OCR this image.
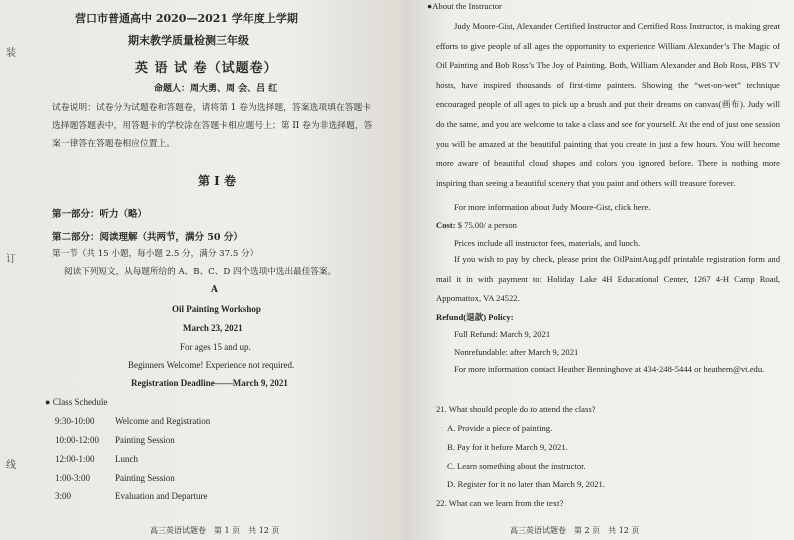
装
订
线
营口市普通高中 2020—2021 学年度上学期
期末教学质量检测三年级
英 语 试 卷（试题卷）
命题人：周大勇、周 会、吕 红
试卷说明：试卷分为试题卷和答题卷，请将第 1 卷为选择题，答案选项填在答题卡选择题答题表中，用答题卡的学校涂在答题卡相应题号上；第 II 卷为非选择题，答案一律答在答题卷相应位置上。
第 I 卷
第一部分：听力（略）
第二部分：阅读理解（共两节，满分 50 分）
第一节（共 15 小题，每小题 2.5 分，满分 37.5 分）
阅读下列短文，从每题所给的 A、B、C、D 四个选项中选出最佳答案。
A
Oil Painting Workshop
March 23, 2021
For ages 15 and up.
Beginners Welcome! Experience not required.
Registration Deadline——March 9, 2021
● Class Schedule
9:30-10:00 Welcome and Registration
10:00-12:00 Painting Session
12:00-1:00 Lunch
1:00-3:00	Painting Session
3:00	Evaluation and Departure
高三英语试题卷　第 1 页　共 12 页
●About the Instructor

Judy Moore-Gist, Alexander Certified Instructor and Certified Ross Instructor, is making great efforts to give people of all ages the opportunity to experience William Alexander’s The Magic of Oil Painting and Bob Ross’s The Joy of Painting. Both, William Alexander and Bob Ross, PBS TV hosts, have inspired thousands of first-time painters. Showing the “wet-on-wet” technique encouraged people of all ages to pick up a brush and put their dreams on canvas(画布). Judy will do the same, and you are welcome to take a class and see for yourself. At the end of just one session you will be amazed at the beautiful painting that you create in just a few hours. You will become more aware of beautiful cloud shapes and colors you ignored before. There is nothing more inspiring than seeing a beautiful scenery that you paint and others will treasure forever.

For more information about Judy Moore-Gist, click here.
Cost: $ 75.00/ a person
Prices include all instructor fees, materials, and lunch.

If you wish to pay by check, please print the OilPaintAug.pdf printable registration form and mail it in with payment to: Holiday Lake 4H Educational Center, 1267 4-H Camp Road, Appomattox, VA 24522.

Refund(退款) Policy:
Full Refund: March 9, 2021
Nonrefundable: after March 9, 2021

For more information contact Heather Benninghove at 434-248-5444 or heathern@vt.edu.

21. What should people do to attend the class?
A. Provide a piece of painting.
B. Pay for it before March 9, 2021.
C. Learn something about the instructor.
D. Register for it no later than March 9, 2021.
22. What can we learn from the text?
高三英语试题卷　第 2 页　共 12 页
